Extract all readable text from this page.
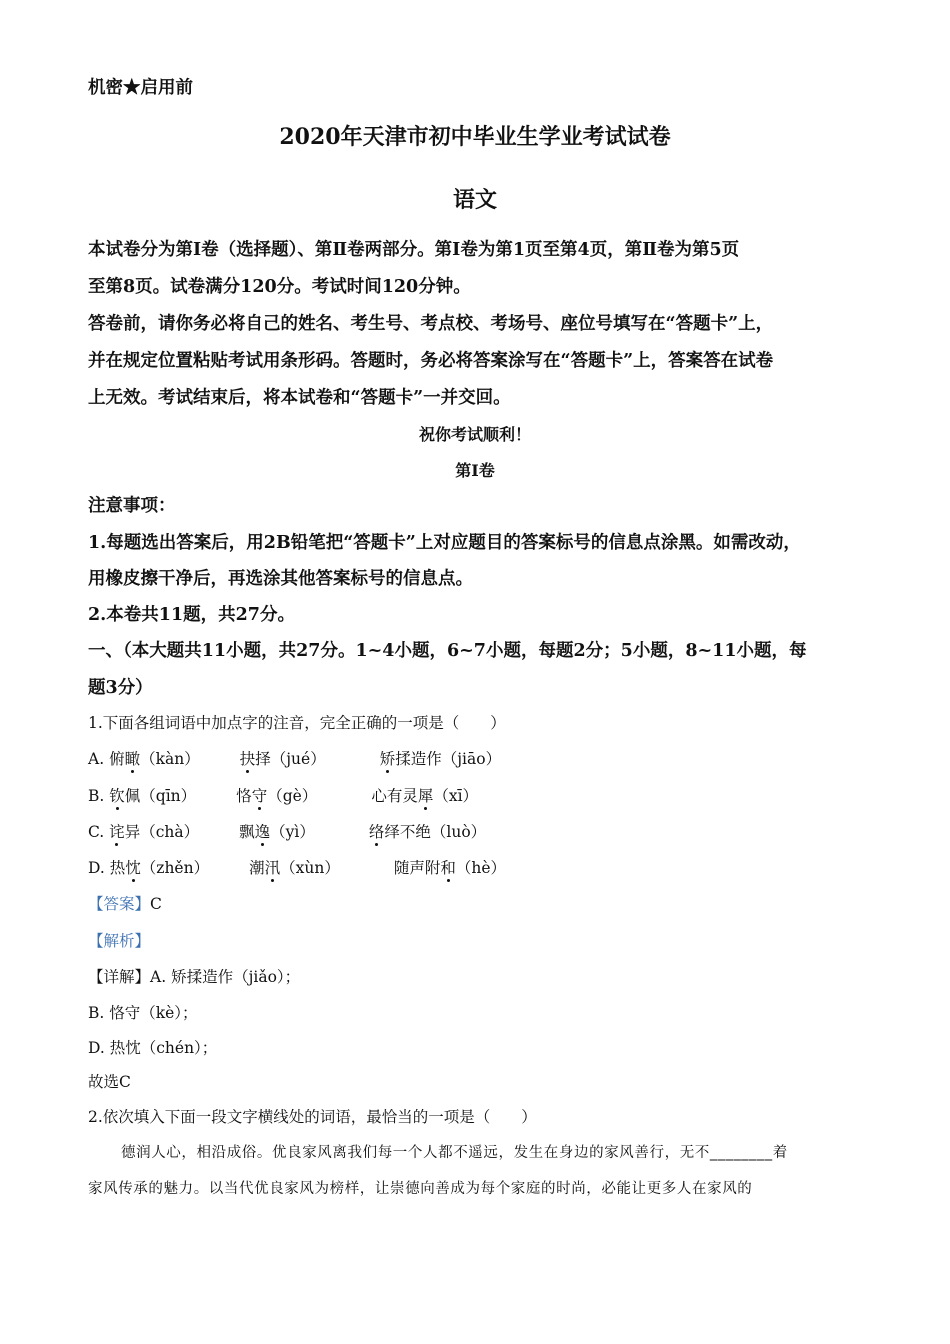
机密★启用前
2020年天津市初中毕业生学业考试试卷
语文
本试卷分为第Ⅰ卷（选择题）、第Ⅱ卷两部分。第Ⅰ卷为第1页至第4页，第Ⅱ卷为第5页
至第8页。试卷满分120分。考试时间120分钟。
答卷前，请你务必将自己的姓名、考生号、考点校、考场号、座位号填写在“答题卡”上，
并在规定位置粘贴考试用条形码。答题时，务必将答案涂写在“答题卡”上，答案答在试卷
上无效。考试结束后，将本试卷和“答题卡”一并交回。
祝你考试顺利！
第Ⅰ卷
注意事项：
1.每题选出答案后，用2B铅笔把“答题卡”上对应题目的答案标号的信息点涂黑。如需改动，
用橡皮擦干净后，再选涂其他答案标号的信息点。
2.本卷共11题，共27分。
一、（本大题共11小题，共27分。1~4小题，6~7小题，每题2分；5小题，8~11小题，每
题3分）
1.下面各组词语中加点字的注音，完全正确的一项是（　　）
A. 俯瞰（kàn）	抉择（jué）	矫揉造作（jiāo）
B. 钦佩（qīn）	恪守（gè）	心有灵犀（xī）
C. 诧异（chà）	飘逸（yì）	络绎不绝（luò）
D. 热忱（zhěn）	潮汛（xùn）	随声附和（hè）
【答案】C
【解析】
【详解】A. 矫揉造作（jiǎo）；
B. 恪守（kè）；
D. 热忱（chén）；
故选C
2.依次填入下面一段文字横线处的词语，最恰当的一项是（　　）
德润人心，相沿成俗。优良家风离我们每一个人都不遥远，发生在身边的家风善行，无不________着
家风传承的魅力。以当代优良家风为榜样，让崇德向善成为每个家庭的时尚，必能让更多人在家风的
